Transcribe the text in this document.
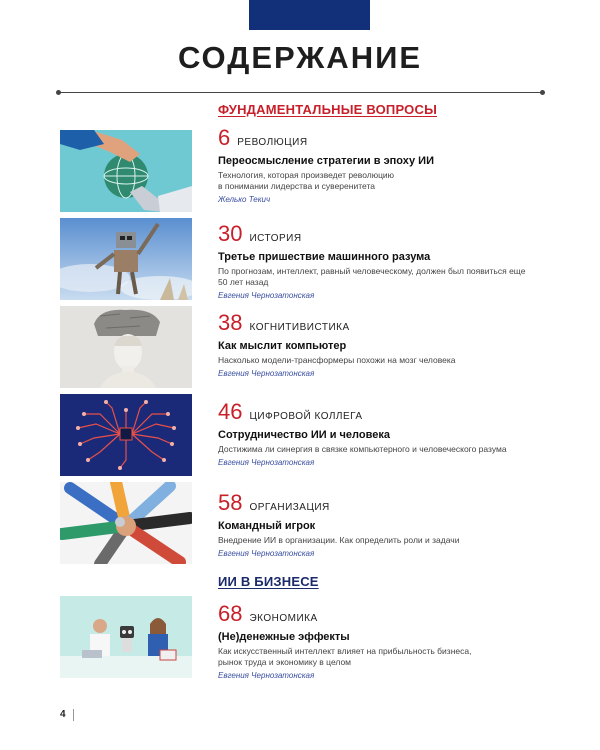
СОДЕРЖАНИЕ
ФУНДАМЕНТАЛЬНЫЕ ВОПРОСЫ
6 РЕВОЛЮЦИЯ
Переосмысление стратегии в эпоху ИИ
Технология, которая произведет революцию
в понимании лидерства и суверенитета
Желько Текич
30 ИСТОРИЯ
Третье пришествие машинного разума
По прогнозам, интеллект, равный человеческому, должен был появиться еще
50 лет назад
Евгения Чернозатонская
38 КОГНИТИВИСТИКА
Как мыслит компьютер
Насколько модели-трансформеры похожи на мозг человека
Евгения Чернозатонская
46 ЦИФРОВОЙ КОЛЛЕГА
Сотрудничество ИИ и человека
Достижима ли синергия в связке компьютерного и человеческого разума
Евгения Чернозатонская
58 ОРГАНИЗАЦИЯ
Командный игрок
Внедрение ИИ в организации. Как определить роли и задачи
Евгения Чернозатонская
ИИ В БИЗНЕСЕ
68 ЭКОНОМИКА
(Не)денежные эффекты
Как искусственный интеллект влияет на прибыльность бизнеса,
рынок труда и экономику в целом
Евгения Чернозатонская
4
